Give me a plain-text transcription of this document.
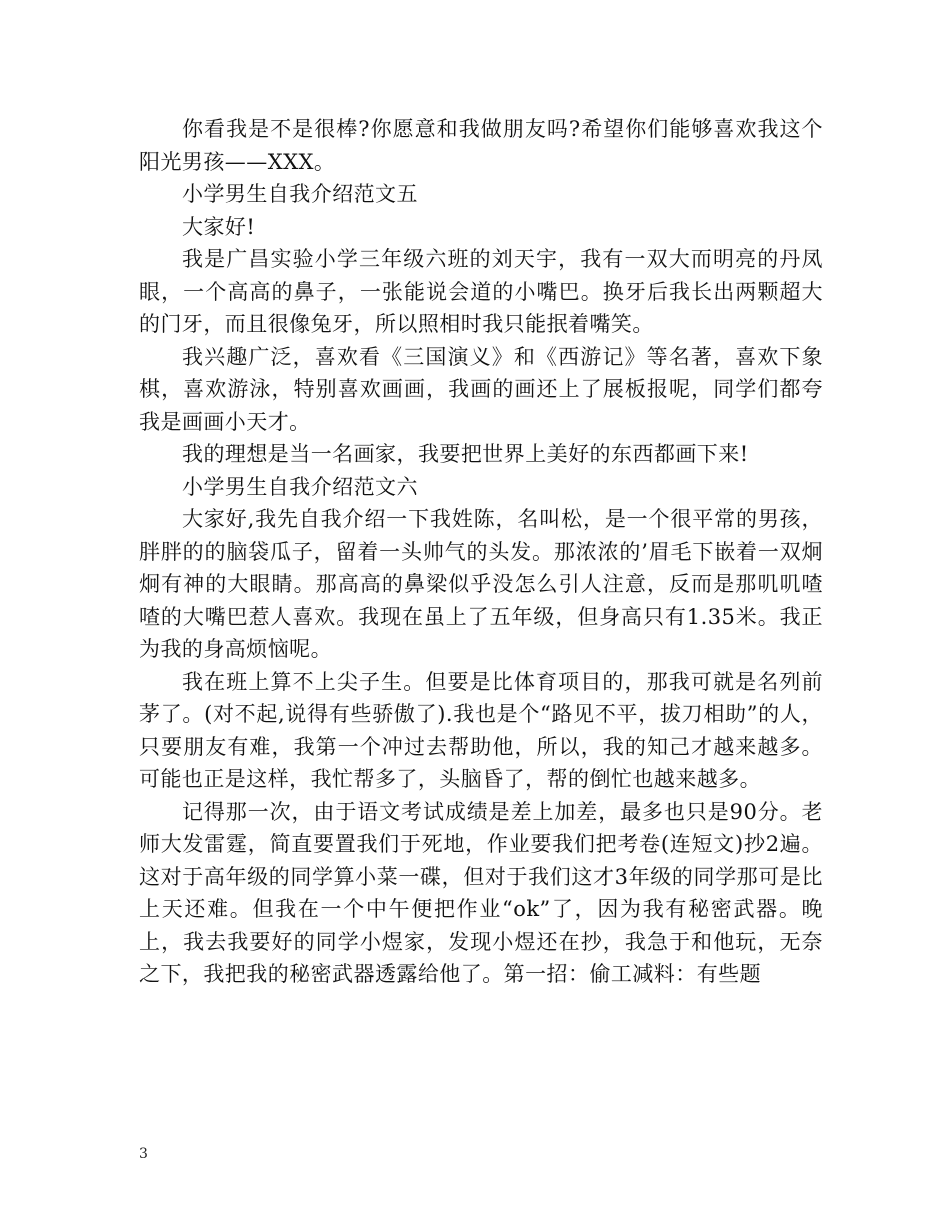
你看我是不是很棒?你愿意和我做朋友吗?希望你们能够喜欢我这个阳光男孩——XXX。

小学男生自我介绍范文五

大家好!

我是广昌实验小学三年级六班的刘天宇，我有一双大而明亮的丹凤眼，一个高高的鼻子，一张能说会道的小嘴巴。换牙后我长出两颗超大的门牙，而且很像兔牙，所以照相时我只能抿着嘴笑。

我兴趣广泛，喜欢看《三国演义》和《西游记》等名著，喜欢下象棋，喜欢游泳，特别喜欢画画，我画的画还上了展板报呢，同学们都夸我是画画小天才。

我的理想是当一名画家，我要把世界上美好的东西都画下来!

小学男生自我介绍范文六

大家好,我先自我介绍一下我姓陈，名叫松，是一个很平常的男孩，胖胖的的脑袋瓜子，留着一头帅气的头发。那浓浓的’眉毛下嵌着一双炯炯有神的大眼睛。那高高的鼻梁似乎没怎么引人注意，反而是那叽叽喳喳的大嘴巴惹人喜欢。我现在虽上了五年级，但身高只有1.35米。我正为我的身高烦恼呢。

我在班上算不上尖子生。但要是比体育项目的，那我可就是名列前茅了。(对不起,说得有些骄傲了).我也是个“路见不平，拔刀相助”的人，只要朋友有难，我第一个冲过去帮助他，所以，我的知己才越来越多。可能也正是这样，我忙帮多了，头脑昏了，帮的倒忙也越来越多。

记得那一次，由于语文考试成绩是差上加差，最多也只是90分。老师大发雷霆，简直要置我们于死地，作业要我们把考卷(连短文)抄2遍。这对于高年级的同学算小菜一碟，但对于我们这才3年级的同学那可是比上天还难。但我在一个中午便把作业“ok”了，因为我有秘密武器。晚上，我去我要好的同学小煜家，发现小煜还在抄，我急于和他玩，无奈之下，我把我的秘密武器透露给他了。第一招：偷工减料：有些题

3
